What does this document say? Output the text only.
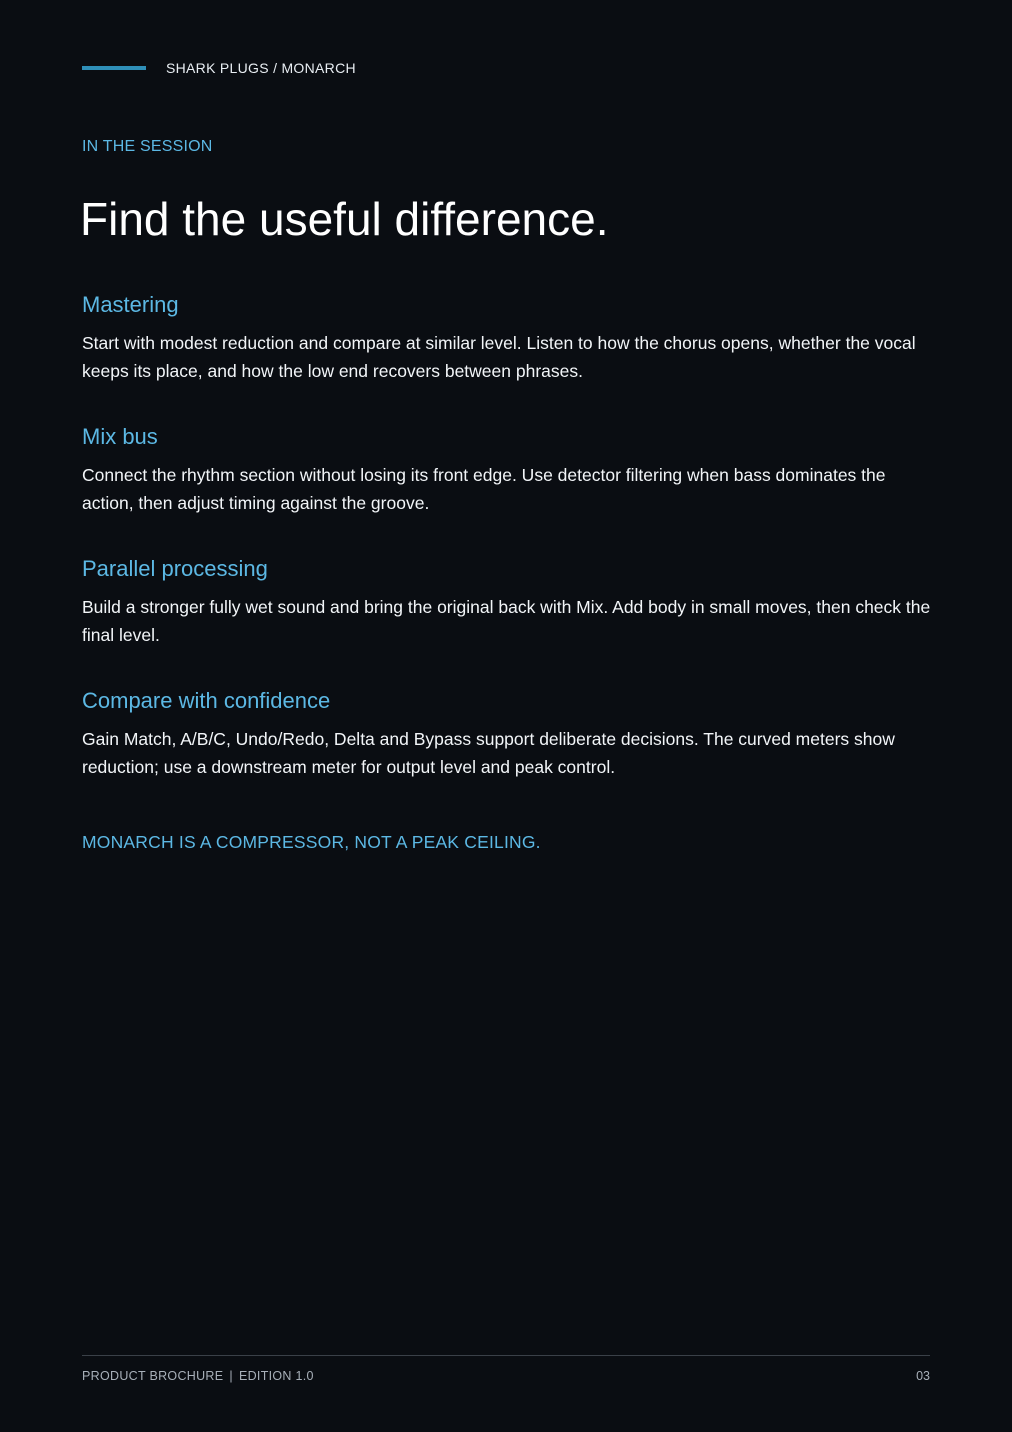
SHARK PLUGS / MONARCH
IN THE SESSION
Find the useful difference.
Mastering

Start with modest reduction and compare at similar level. Listen to how the chorus opens, whether the vocal keeps its place, and how the low end recovers between phrases.

Mix bus

Connect the rhythm section without losing its front edge. Use detector filtering when bass dominates the action, then adjust timing against the groove.

Parallel processing

Build a stronger fully wet sound and bring the original back with Mix. Add body in small moves, then check the final level.

Compare with confidence

Gain Match, A/B/C, Undo/Redo, Delta and Bypass support deliberate decisions. The curved meters show reduction; use a downstream meter for output level and peak control.

MONARCH IS A COMPRESSOR, NOT A PEAK CEILING.
PRODUCT BROCHURE | EDITION 1.0	03
